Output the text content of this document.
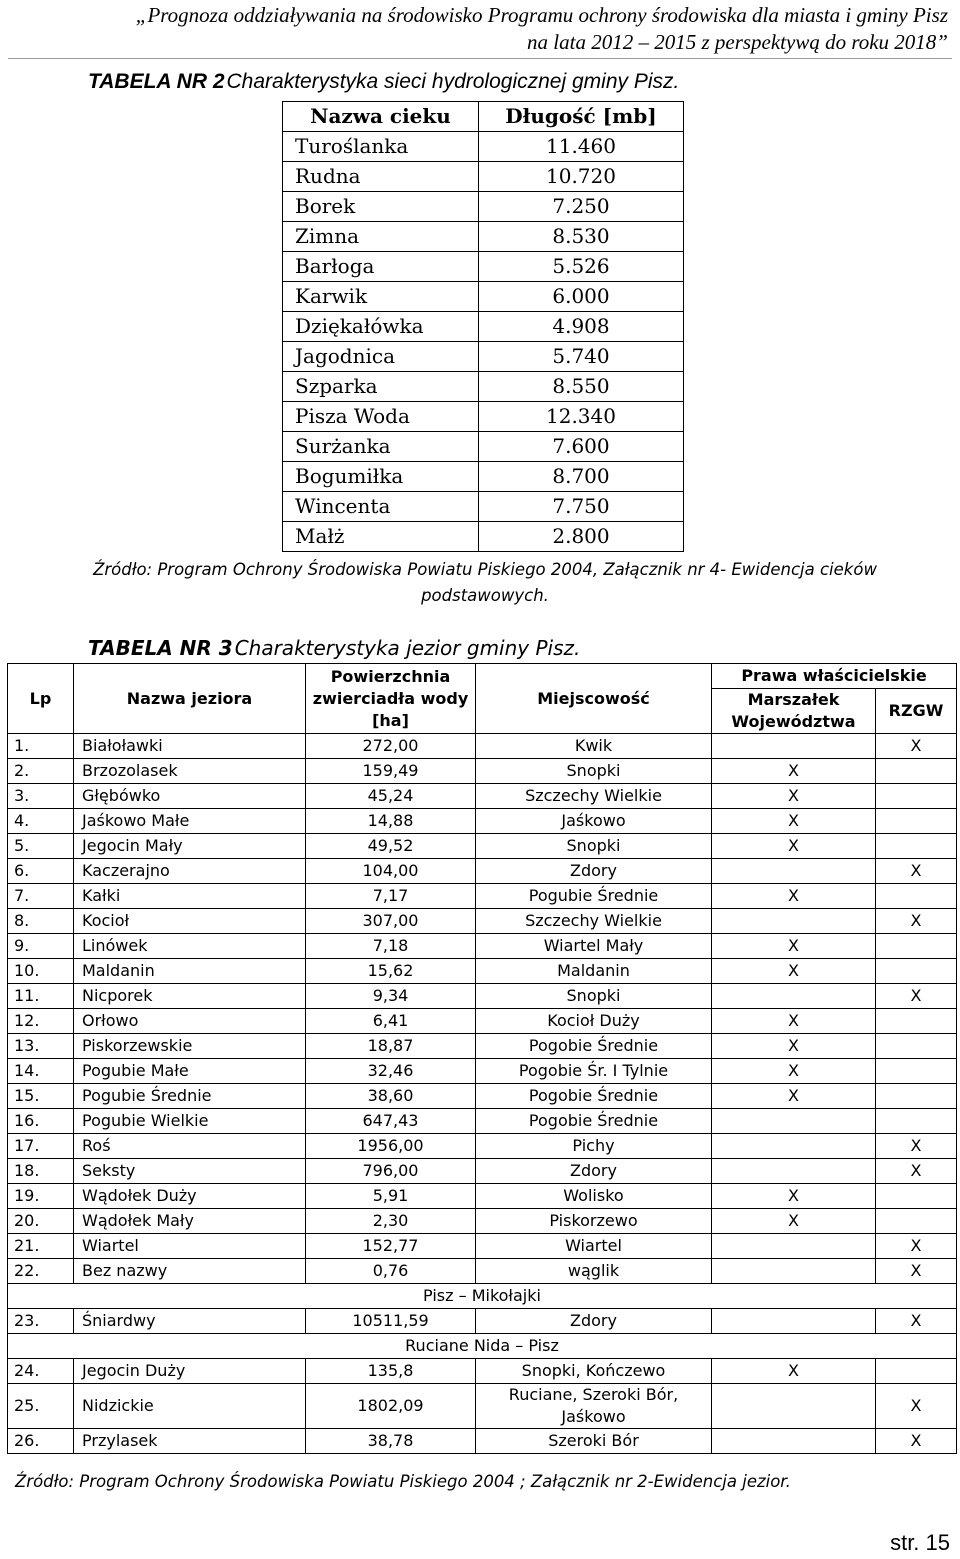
„Prognoza oddziaływania na środowisko Programu ochrony środowiska dla miasta i gminy Pisz
na lata 2012 – 2015 z perspektywą do roku 2018”
TABELA NR 2Charakterystyka sieci hydrologicznej gminy Pisz.
Nazwa cieku	Długość [mb]
Turoślanka	11.460
Rudna	10.720
Borek	7.250
Zimna	8.530
Barłoga	5.526
Karwik	6.000
Dziękałówka	4.908
Jagodnica	5.740
Szparka	8.550
Pisza Woda	12.340
Surżanka	7.600
Bogumiłka	8.700
Wincenta	7.750
Małż	2.800
Źródło: Program Ochrony Środowiska Powiatu Piskiego 2004, Załącznik nr 4- Ewidencja cieków podstawowych.
TABELA NR 3 Charakterystyka jezior gminy Pisz.
Lp	Nazwa jeziora	Powierzchnia zwierciadła wody [ha]	Miejscowość	Prawa właścicielskie	
				Marszałek Województwa	RZGW
1.	Białoławki	272,00	Kwik		X
2.	Brzozolasek	159,49	Snopki	X	
3.	Głębówko	45,24	Szczechy Wielkie	X	
4.	Jaśkowo Małe	14,88	Jaśkowo	X	
5.	Jegocin Mały	49,52	Snopki	X	
6.	Kaczerajno	104,00	Zdory		X
7.	Kałki	7,17	Pogubie Średnie	X	
8.	Kocioł	307,00	Szczechy Wielkie		X
9.	Linówek	7,18	Wiartel Mały	X	
10.	Maldanin	15,62	Maldanin	X	
11.	Nicporek	9,34	Snopki		X
12.	Orłowo	6,41	Kocioł Duży	X	
13.	Piskorzewskie	18,87	Pogobie Średnie	X	
14.	Pogubie Małe	32,46	Pogobie Śr. I Tylnie	X	
15.	Pogubie Średnie	38,60	Pogobie Średnie	X	
16.	Pogubie Wielkie	647,43	Pogobie Średnie		
17.	Roś	1956,00	Pichy		X
18.	Seksty	796,00	Zdory		X
19.	Wądołek Duży	5,91	Wolisko	X	
20.	Wądołek Mały	2,30	Piskorzewo	X	
21.	Wiartel	152,77	Wiartel		X
22.	Bez nazwy	0,76	wąglik		X
Pisz – Mikołajki					
23.	Śniardwy	10511,59	Zdory		X
Ruciane Nida – Pisz					
24.	Jegocin Duży	135,8	Snopki, Kończewo	X	
25.	Nidzickie	1802,09	Ruciane, Szeroki Bór, Jaśkowo		X
26.	Przylasek	38,78	Szeroki Bór		X
Źródło: Program Ochrony Środowiska Powiatu Piskiego 2004 ; Załącznik nr 2-Ewidencja jezior.
str. 15
